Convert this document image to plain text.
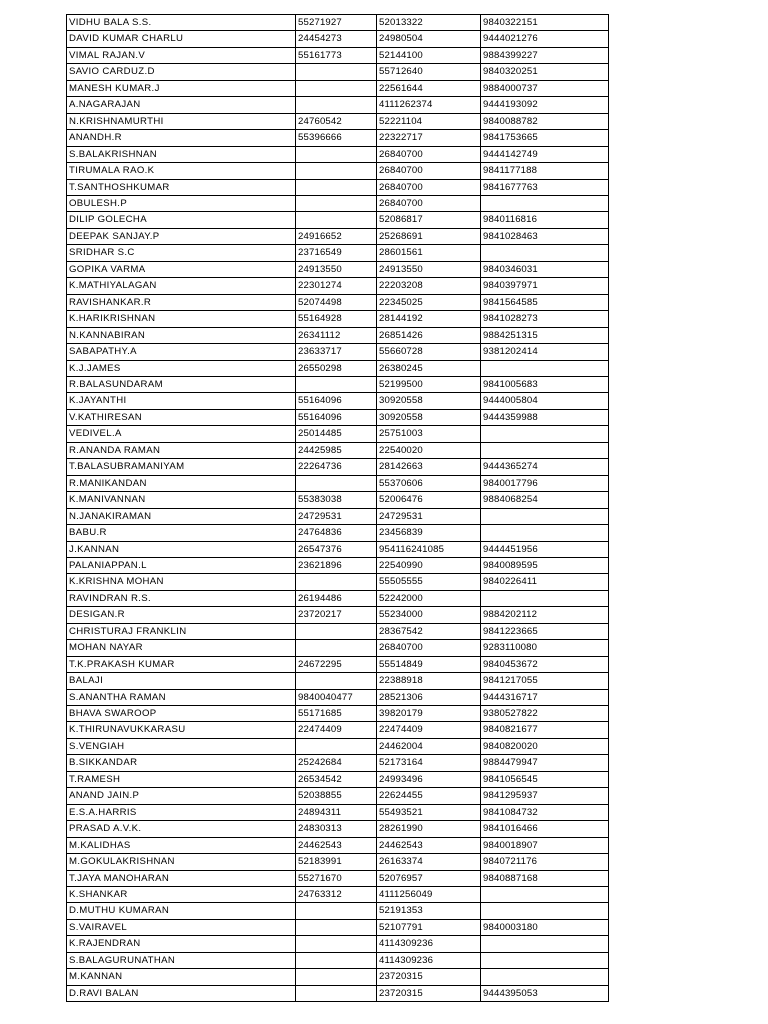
VIDHU BALA S.S.	55271927	52013322	9840322151
DAVID KUMAR CHARLU	24454273	24980504	9444021276
VIMAL RAJAN.V	55161773	52144100	9884399227
SAVIO CARDUZ.D		55712640	9840320251
MANESH KUMAR.J		22561644	9884000737
A.NAGARAJAN		4111262374	9444193092
N.KRISHNAMURTHI	24760542	52221104	9840088782
ANANDH.R	55396666	22322717	9841753665
S.BALAKRISHNAN		26840700	9444142749
TIRUMALA RAO.K		26840700	9841177188
T.SANTHOSHKUMAR		26840700	9841677763
OBULESH.P		26840700	
DILIP GOLECHA		52086817	9840116816
DEEPAK SANJAY.P	24916652	25268691	9841028463
SRIDHAR S.C	23716549	28601561	
GOPIKA VARMA	24913550	24913550	9840346031
K.MATHIYALAGAN	22301274	22203208	9840397971
RAVISHANKAR.R	52074498	22345025	9841564585
K.HARIKRISHNAN	55164928	28144192	9841028273
N.KANNABIRAN	26341112	26851426	9884251315
SABAPATHY.A	23633717	55660728	9381202414
K.J.JAMES	26550298	26380245	
R.BALASUNDARAM		52199500	9841005683
K.JAYANTHI	55164096	30920558	9444005804
V.KATHIRESAN	55164096	30920558	9444359988
VEDIVEL.A	25014485	25751003	
R.ANANDA RAMAN	24425985	22540020	
T.BALASUBRAMANIYAM	22264736	28142663	9444365274
R.MANIKANDAN		55370606	9840017796
K.MANIVANNAN	55383038	52006476	9884068254
N.JANAKIRAMAN	24729531	24729531	
BABU.R	24764836	23456839	
J.KANNAN	26547376	954116241085	9444451956
PALANIAPPAN.L	23621896	22540990	9840089595
K.KRISHNA MOHAN		55505555	9840226411
RAVINDRAN R.S.	26194486	52242000	
DESIGAN.R	23720217	55234000	9884202112
CHRISTURAJ FRANKLIN		28367542	9841223665
MOHAN NAYAR		26840700	9283110080
T.K.PRAKASH KUMAR	24672295	55514849	9840453672
BALAJI		22388918	9841217055
S.ANANTHA RAMAN	9840040477	28521306	9444316717
BHAVA SWAROOP	55171685	39820179	9380527822
K.THIRUNAVUKKARASU	22474409	22474409	9840821677
S.VENGIAH		24462004	9840820020
B.SIKKANDAR	25242684	52173164	9884479947
T.RAMESH	26534542	24993496	9841056545
ANAND JAIN.P	52038855	22624455	9841295937
E.S.A.HARRIS	24894311	55493521	9841084732
PRASAD A.V.K.	24830313	28261990	9841016466
M.KALIDHAS	24462543	24462543	9840018907
M.GOKULAKRISHNAN	52183991	26163374	9840721176
T.JAYA MANOHARAN	55271670	52076957	9840887168
K.SHANKAR	24763312	4111256049	
D.MUTHU KUMARAN		52191353	
S.VAIRAVEL		52107791	9840003180
K.RAJENDRAN		4114309236	
S.BALAGURUNATHAN		4114309236	
M.KANNAN		23720315	
D.RAVI BALAN		23720315	9444395053
